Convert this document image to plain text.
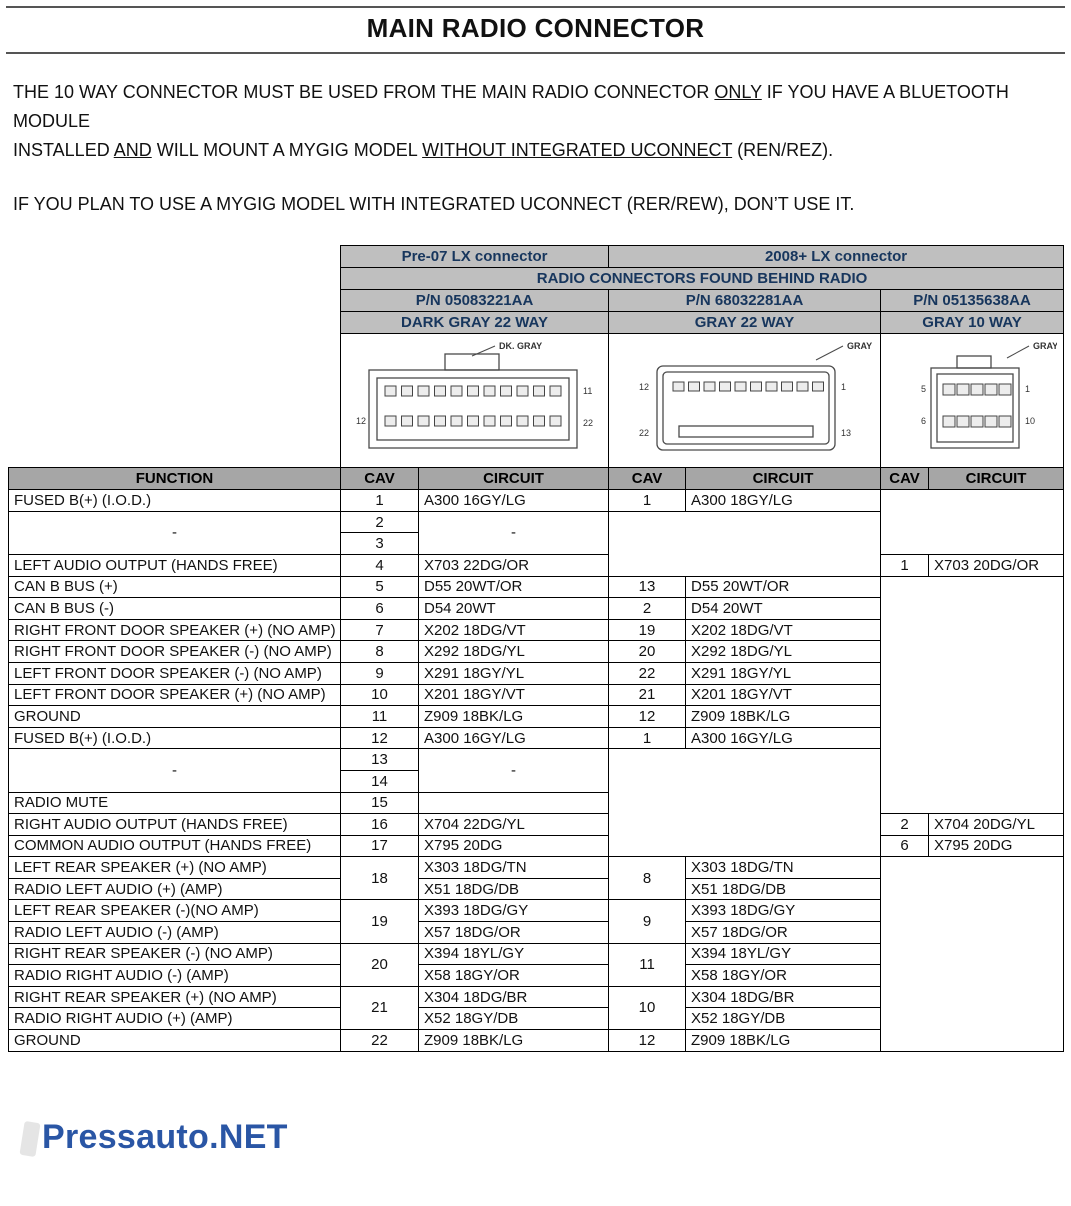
MAIN RADIO CONNECTOR

THE 10 WAY CONNECTOR MUST BE USED FROM THE MAIN RADIO CONNECTOR ONLY IF YOU HAVE A BLUETOOTH MODULE
INSTALLED AND WILL MOUNT A MYGIG MODEL WITHOUT INTEGRATED UCONNECT (REN/REZ).

IF YOU PLAN TO USE A MYGIG MODEL WITH INTEGRATED UCONNECT (RER/REW), DON’T USE IT.

	Pre-07 LX connector		2008+ LX connector			
	RADIO CONNECTORS FOUND BEHIND RADIO					
	P/N 05083221AA		P/N 68032281AA		P/N 05135638AA	
	DARK GRAY 22 WAY		GRAY 22 WAY		GRAY 10 WAY	

DK. GRAY
11
12 22		GRAY
12 1
22 13		GRAY
5 1
6 10	

FUNCTION	CAV	CIRCUIT	CAV	CIRCUIT	CAV	CIRCUIT
FUSED B(+) (I.O.D.)	1	A300 16GY/LG	1	A300 18GY/LG		
-	2	-				
	3					
LEFT AUDIO OUTPUT (HANDS FREE)	4	X703 22DG/OR			1	X703 20DG/OR
CAN B BUS (+)	5	D55 20WT/OR	13	D55 20WT/OR		
CAN B BUS (-)	6	D54 20WT	2	D54 20WT		
RIGHT FRONT DOOR SPEAKER (+) (NO AMP)	7	X202 18DG/VT	19	X202 18DG/VT		
RIGHT FRONT DOOR SPEAKER (-) (NO AMP)	8	X292 18DG/YL	20	X292 18DG/YL		
LEFT FRONT DOOR SPEAKER (-) (NO AMP)	9	X291 18GY/YL	22	X291 18GY/YL		
LEFT FRONT DOOR SPEAKER (+) (NO AMP)	10	X201 18GY/VT	21	X201 18GY/VT		
GROUND	11	Z909 18BK/LG	12	Z909 18BK/LG		
FUSED B(+) (I.O.D.)	12	A300 16GY/LG	1	A300 16GY/LG		
-	13	-				
	14					
RADIO MUTE	15					
RIGHT AUDIO OUTPUT (HANDS FREE)	16	X704 22DG/YL			2	X704 20DG/YL
COMMON AUDIO OUTPUT (HANDS FREE)	17	X795 20DG			6	X795 20DG
LEFT REAR SPEAKER (+) (NO AMP)	18	X303 18DG/TN	8	X303 18DG/TN		
RADIO LEFT AUDIO (+) (AMP)		X51 18DG/DB		X51 18DG/DB		
LEFT REAR SPEAKER (-)(NO AMP)	19	X393 18DG/GY	9	X393 18DG/GY		
RADIO LEFT AUDIO (-) (AMP)		X57 18DG/OR		X57 18DG/OR		
RIGHT REAR SPEAKER (-) (NO AMP)	20	X394 18YL/GY	11	X394 18YL/GY		
RADIO RIGHT AUDIO (-) (AMP)		X58 18GY/OR		X58 18GY/OR		
RIGHT REAR SPEAKER (+) (NO AMP)	21	X304 18DG/BR	10	X304 18DG/BR		
RADIO RIGHT AUDIO (+) (AMP)		X52 18GY/DB		X52 18GY/DB		
GROUND	22	Z909 18BK/LG	12	Z909 18BK/LG		
Pressauto.NET
